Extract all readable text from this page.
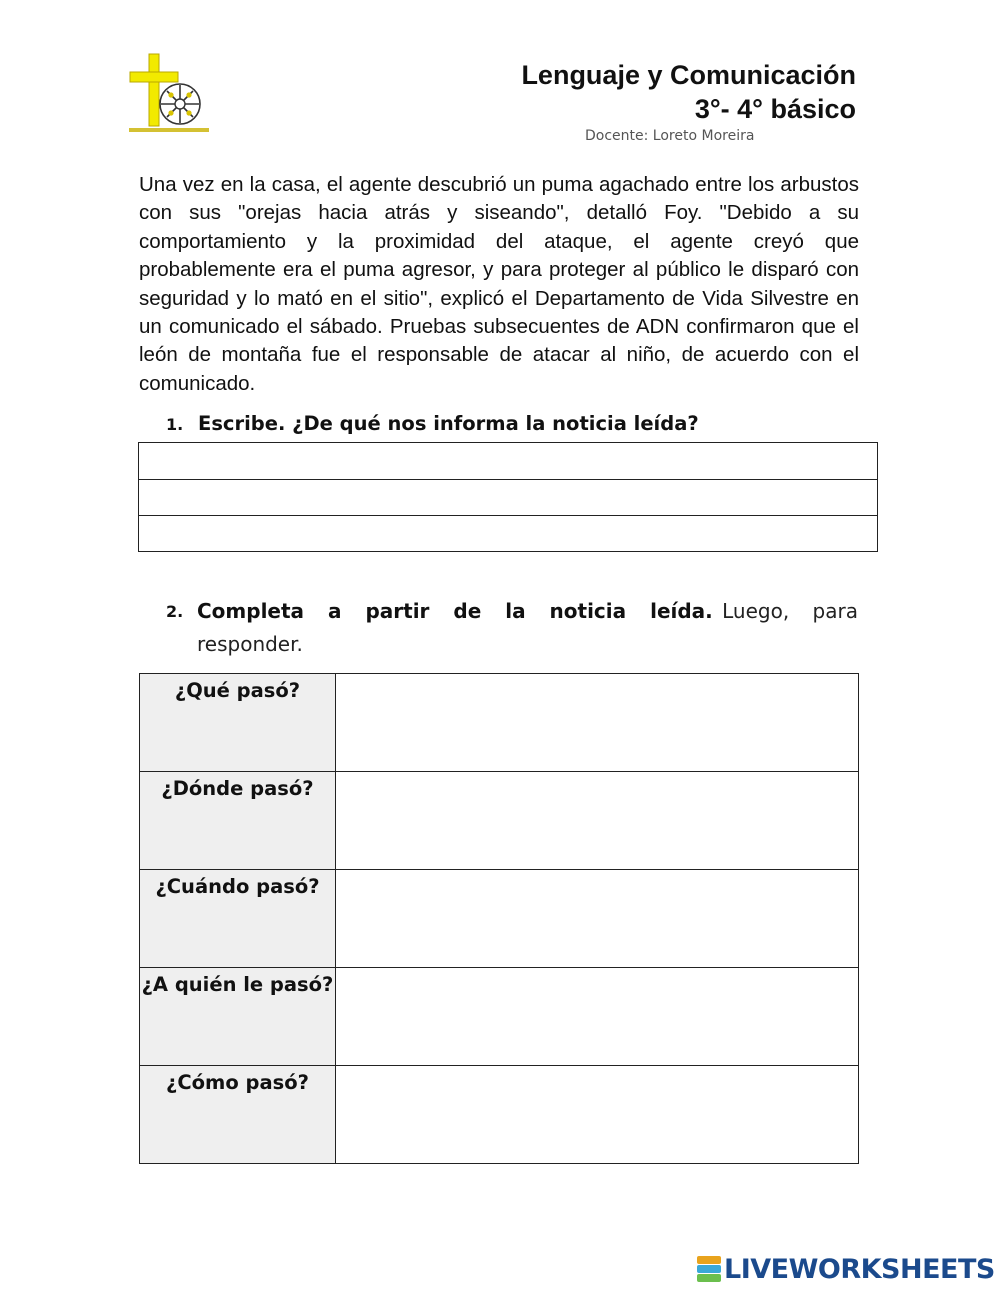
Lenguaje y Comunicación
3°- 4° básico
Docente: Loreto Moreira

Una vez en la casa, el agente descubrió un puma agachado entre los arbustos con sus "orejas hacia atrás y siseando", detalló Foy. "Debido a su comportamiento y la proximidad del ataque, el agente creyó que probablemente era el puma agresor, y para proteger al público le disparó con seguridad y lo mató en el sitio", explicó el Departamento de Vida Silvestre en un comunicado el sábado. Pruebas subsecuentes de ADN confirmaron que el león de montaña fue el responsable de atacar al niño, de acuerdo con el comunicado.

1. Escribe. ¿De qué nos informa la noticia leída?
2. Completa a partir de la noticia leída. Luego, para responder.
¿Qué pasó?	
¿Dónde pasó?	
¿Cuándo pasó?	
¿A quién le pasó?	
¿Cómo pasó?	
LIVEWORKSHEETS
